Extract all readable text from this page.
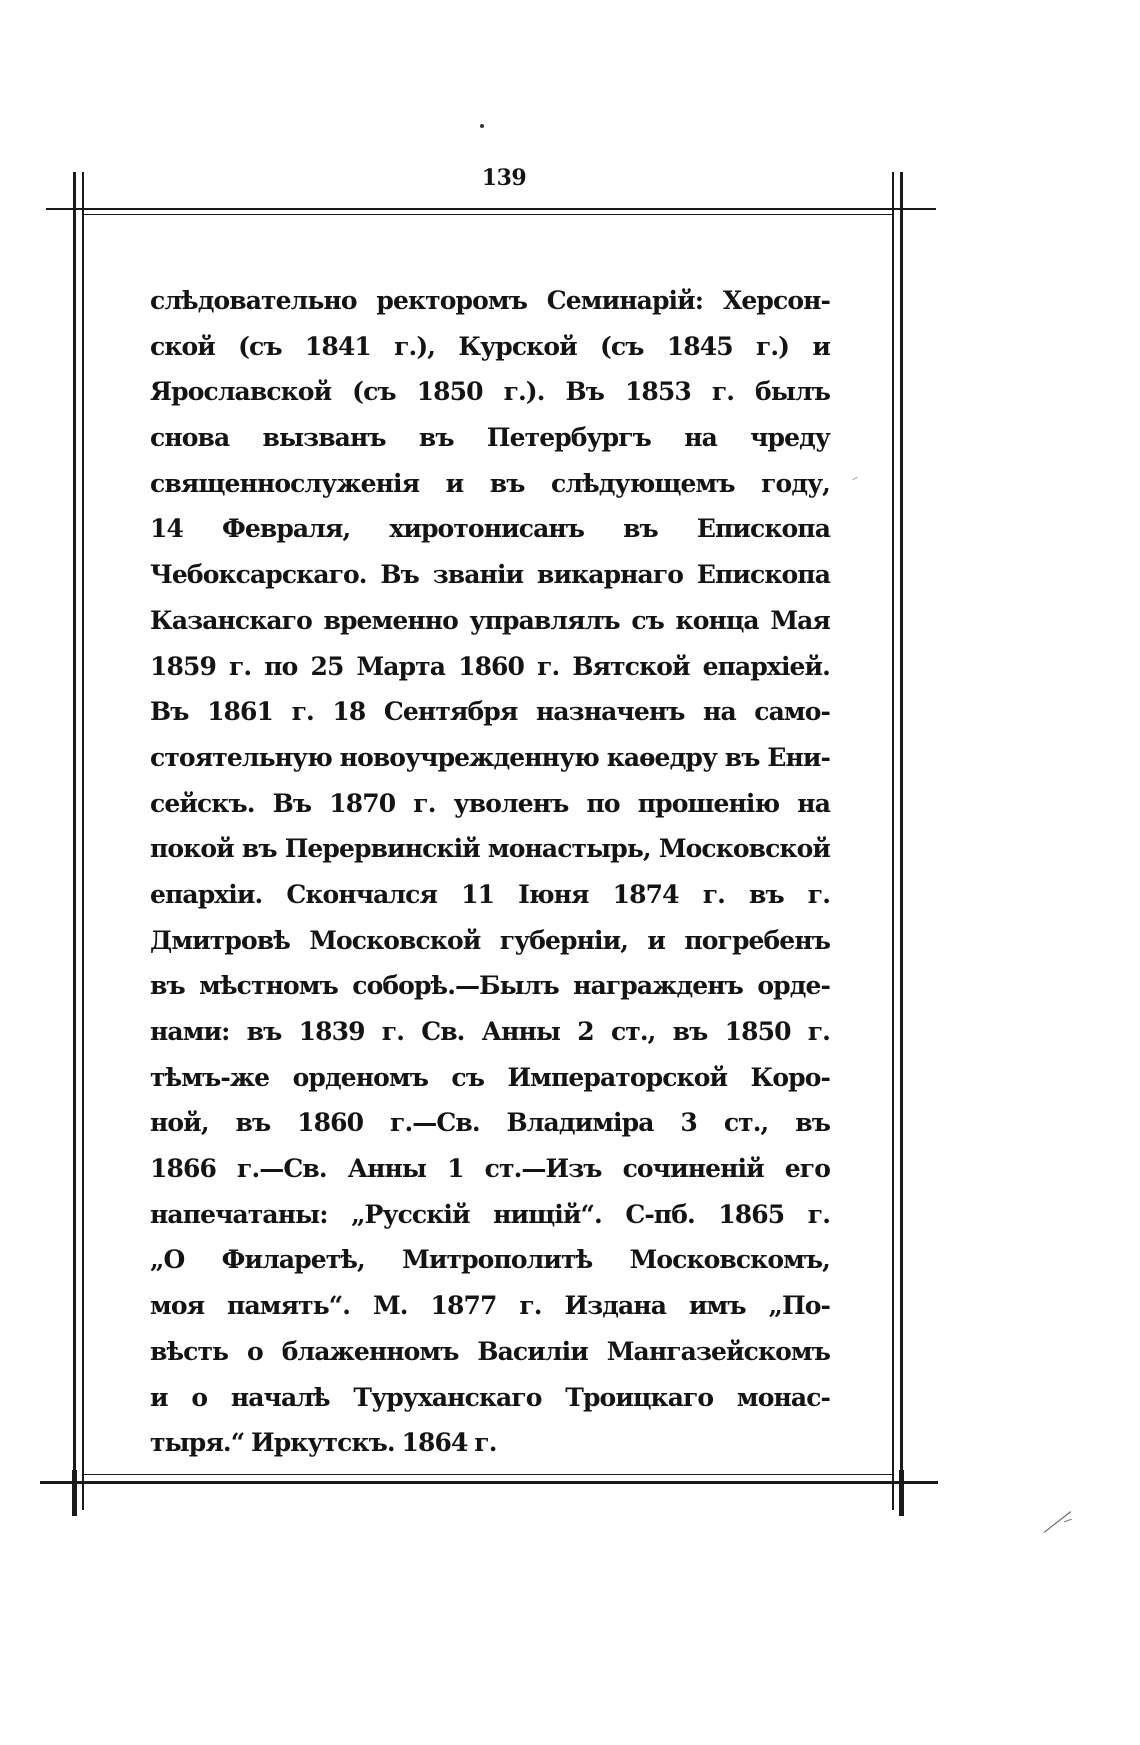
139
слѣдовательно ректоромъ Семинарій: Херсон-
ской (съ 1841 г.), Курской (съ 1845 г.) и
Ярославской (съ 1850 г.). Въ 1853 г. былъ
снова вызванъ въ Петербургъ на чреду
священнослуженія и въ слѣдующемъ году,
14 Февраля, хиротонисанъ въ Епископа
Чебоксарскаго. Въ званіи викарнаго Епископа
Казанскаго временно управлялъ съ конца Мая
1859 г. по 25 Марта 1860 г. Вятской епархіей.
Въ 1861 г. 18 Сентября назначенъ на само-
стоятельную новоучрежденную каѳедру въ Ени-
сейскъ. Въ 1870 г. уволенъ по прошенію на
покой въ Перервинскій монастырь, Московской
епархіи. Скончался 11 Іюня 1874 г. въ г.
Дмитровѣ Московской губерніи, и погребенъ
въ мѣстномъ соборѣ.—Былъ награжденъ орде-
нами: въ 1839 г. Св. Анны 2 ст., въ 1850 г.
тѣмъ-же орденомъ съ Императорской Коро-
ной, въ 1860 г.—Св. Владиміра 3 ст., въ
1866 г.—Св. Анны 1 ст.—Изъ сочиненій его
напечатаны: „Русскій нищій“. С-пб. 1865 г.
„О Филаретѣ, Митрополитѣ Московскомъ,
моя память“. М. 1877 г. Издана имъ „По-
вѣсть о блаженномъ Василіи Мангазейскомъ
и о началѣ Туруханскаго Троицкаго монас-
тыря.“ Иркутскъ. 1864 г.
